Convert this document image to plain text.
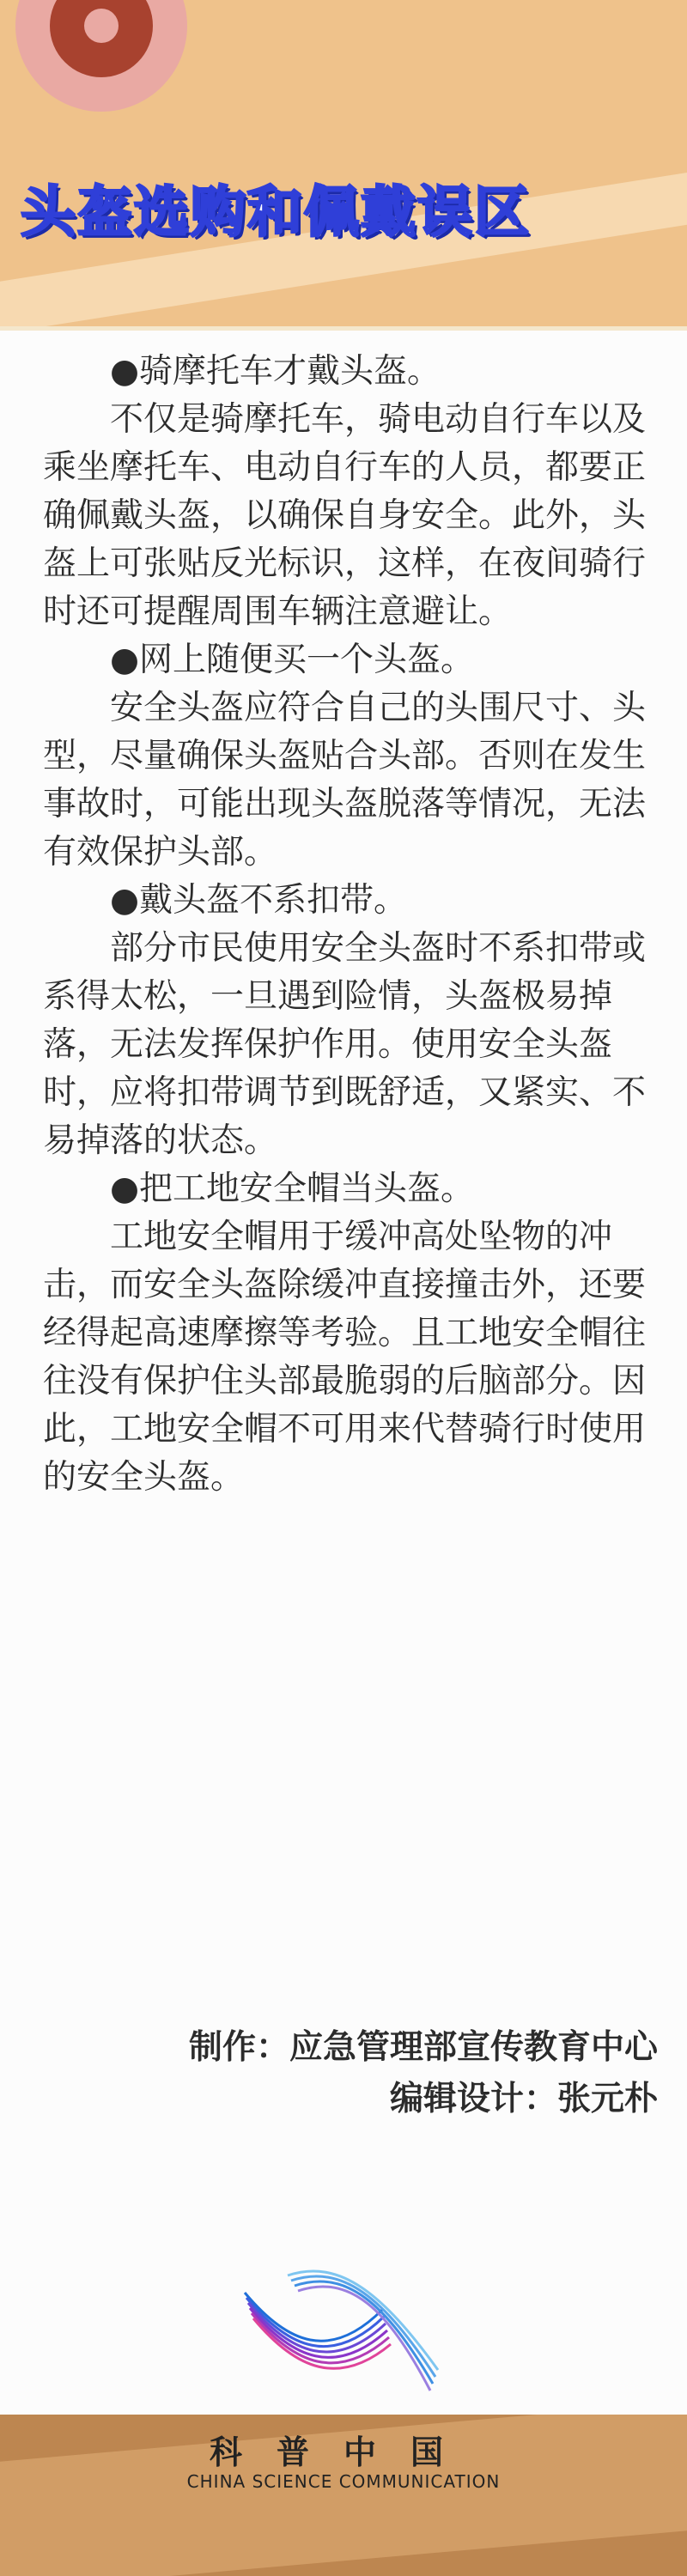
头盔选购和佩戴误区

●骑摩托车才戴头盔。

不仅是骑摩托车，骑电动自行车以及乘坐摩托车、电动自行车的人员，都要正确佩戴头盔，以确保自身安全。此外，头盔上可张贴反光标识，这样，在夜间骑行时还可提醒周围车辆注意避让。

●网上随便买一个头盔。

安全头盔应符合自己的头围尺寸、头型，尽量确保头盔贴合头部。否则在发生事故时，可能出现头盔脱落等情况，无法有效保护头部。

●戴头盔不系扣带。

部分市民使用安全头盔时不系扣带或系得太松，一旦遇到险情，头盔极易掉落，无法发挥保护作用。使用安全头盔时，应将扣带调节到既舒适，又紧实、不易掉落的状态。

●把工地安全帽当头盔。

工地安全帽用于缓冲高处坠物的冲击，而安全头盔除缓冲直接撞击外，还要经得起高速摩擦等考验。且工地安全帽往往没有保护住头部最脆弱的后脑部分。因此，工地安全帽不可用来代替骑行时使用的安全头盔。

制作：应急管理部宣传教育中心
编辑设计：张元朴
科普中国
CHINA SCIENCE COMMUNICATION
